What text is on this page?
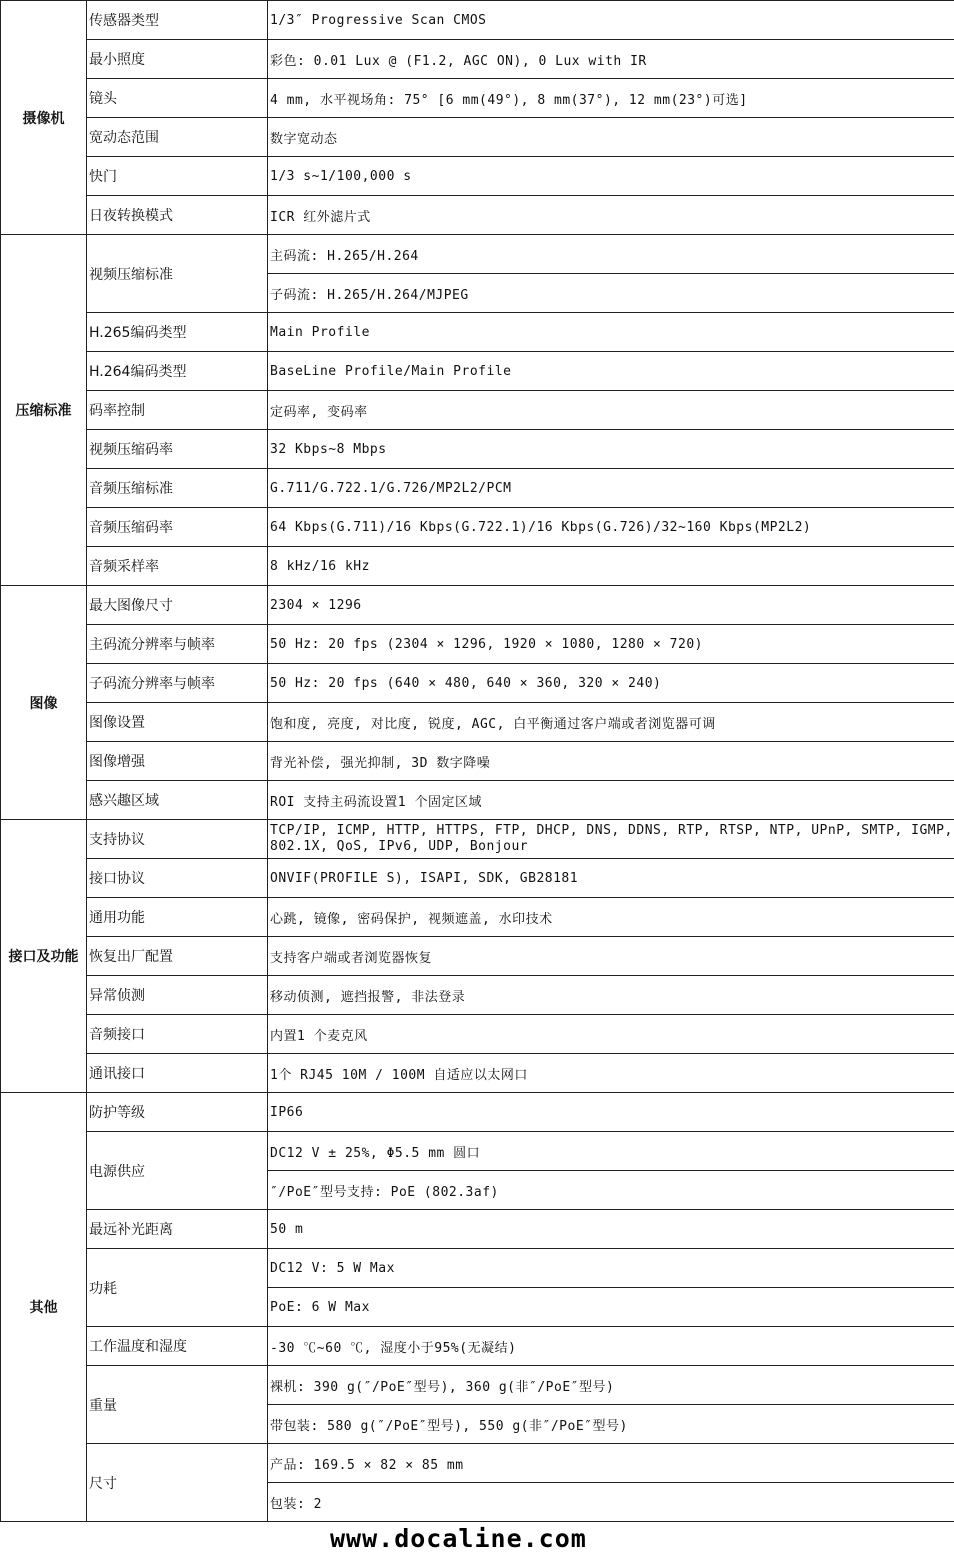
摄像机	传感器类型	1/3″ Progressive Scan CMOS
	最小照度	彩色: 0.01 Lux @ (F1.2, AGC ON), 0 Lux with IR
	镜头	4 mm, 水平视场角: 75° [6 mm(49°), 8 mm(37°), 12 mm(23°)可选]
	宽动态范围	数字宽动态
	快门	1/3 s~1/100,000 s
	日夜转换模式	ICR 红外滤片式
压缩标准	视频压缩标准	主码流: H.265/H.264
		子码流: H.265/H.264/MJPEG
	H.265编码类型	Main Profile
	H.264编码类型	BaseLine Profile/Main Profile
	码率控制	定码率, 变码率
	视频压缩码率	32 Kbps~8 Mbps
	音频压缩标准	G.711/G.722.1/G.726/MP2L2/PCM
	音频压缩码率	64 Kbps(G.711)/16 Kbps(G.722.1)/16 Kbps(G.726)/32~160 Kbps(MP2L2)
	音频采样率	8 kHz/16 kHz
图像	最大图像尺寸	2304 × 1296
	主码流分辨率与帧率	50 Hz: 20 fps (2304 × 1296, 1920 × 1080, 1280 × 720)
	子码流分辨率与帧率	50 Hz: 20 fps (640 × 480, 640 × 360, 320 × 240)
	图像设置	饱和度, 亮度, 对比度, 锐度, AGC, 白平衡通过客户端或者浏览器可调
	图像增强	背光补偿, 强光抑制, 3D 数字降噪
	感兴趣区域	ROI 支持主码流设置1 个固定区域
接口及功能	支持协议	TCP/IP, ICMP, HTTP, HTTPS, FTP, DHCP, DNS, DDNS, RTP, RTSP, NTP, UPnP, SMTP, IGMP, 802.1X, QoS, IPv6, UDP, Bonjour
	接口协议	ONVIF(PROFILE S), ISAPI, SDK, GB28181
	通用功能	心跳, 镜像, 密码保护, 视频遮盖, 水印技术
	恢复出厂配置	支持客户端或者浏览器恢复
	异常侦测	移动侦测, 遮挡报警, 非法登录
	音频接口	内置1 个麦克风
	通讯接口	1个 RJ45 10M / 100M 自适应以太网口
其他	防护等级	IP66
	电源供应	DC12 V ± 25%, Φ5.5 mm 圆口
		″/PoE″型号支持: PoE (802.3af)
	最远补光距离	50 m
	功耗	DC12 V: 5 W Max
		PoE: 6 W Max
	工作温度和湿度	-30 ℃~60 ℃, 湿度小于95%(无凝结)
	重量	裸机: 390 g(″/PoE″型号), 360 g(非″/PoE″型号)
		带包装: 580 g(″/PoE″型号), 550 g(非″/PoE″型号)
	尺寸	产品: 169.5 × 82 × 85 mm
		包装: 2
www.docaline.com
